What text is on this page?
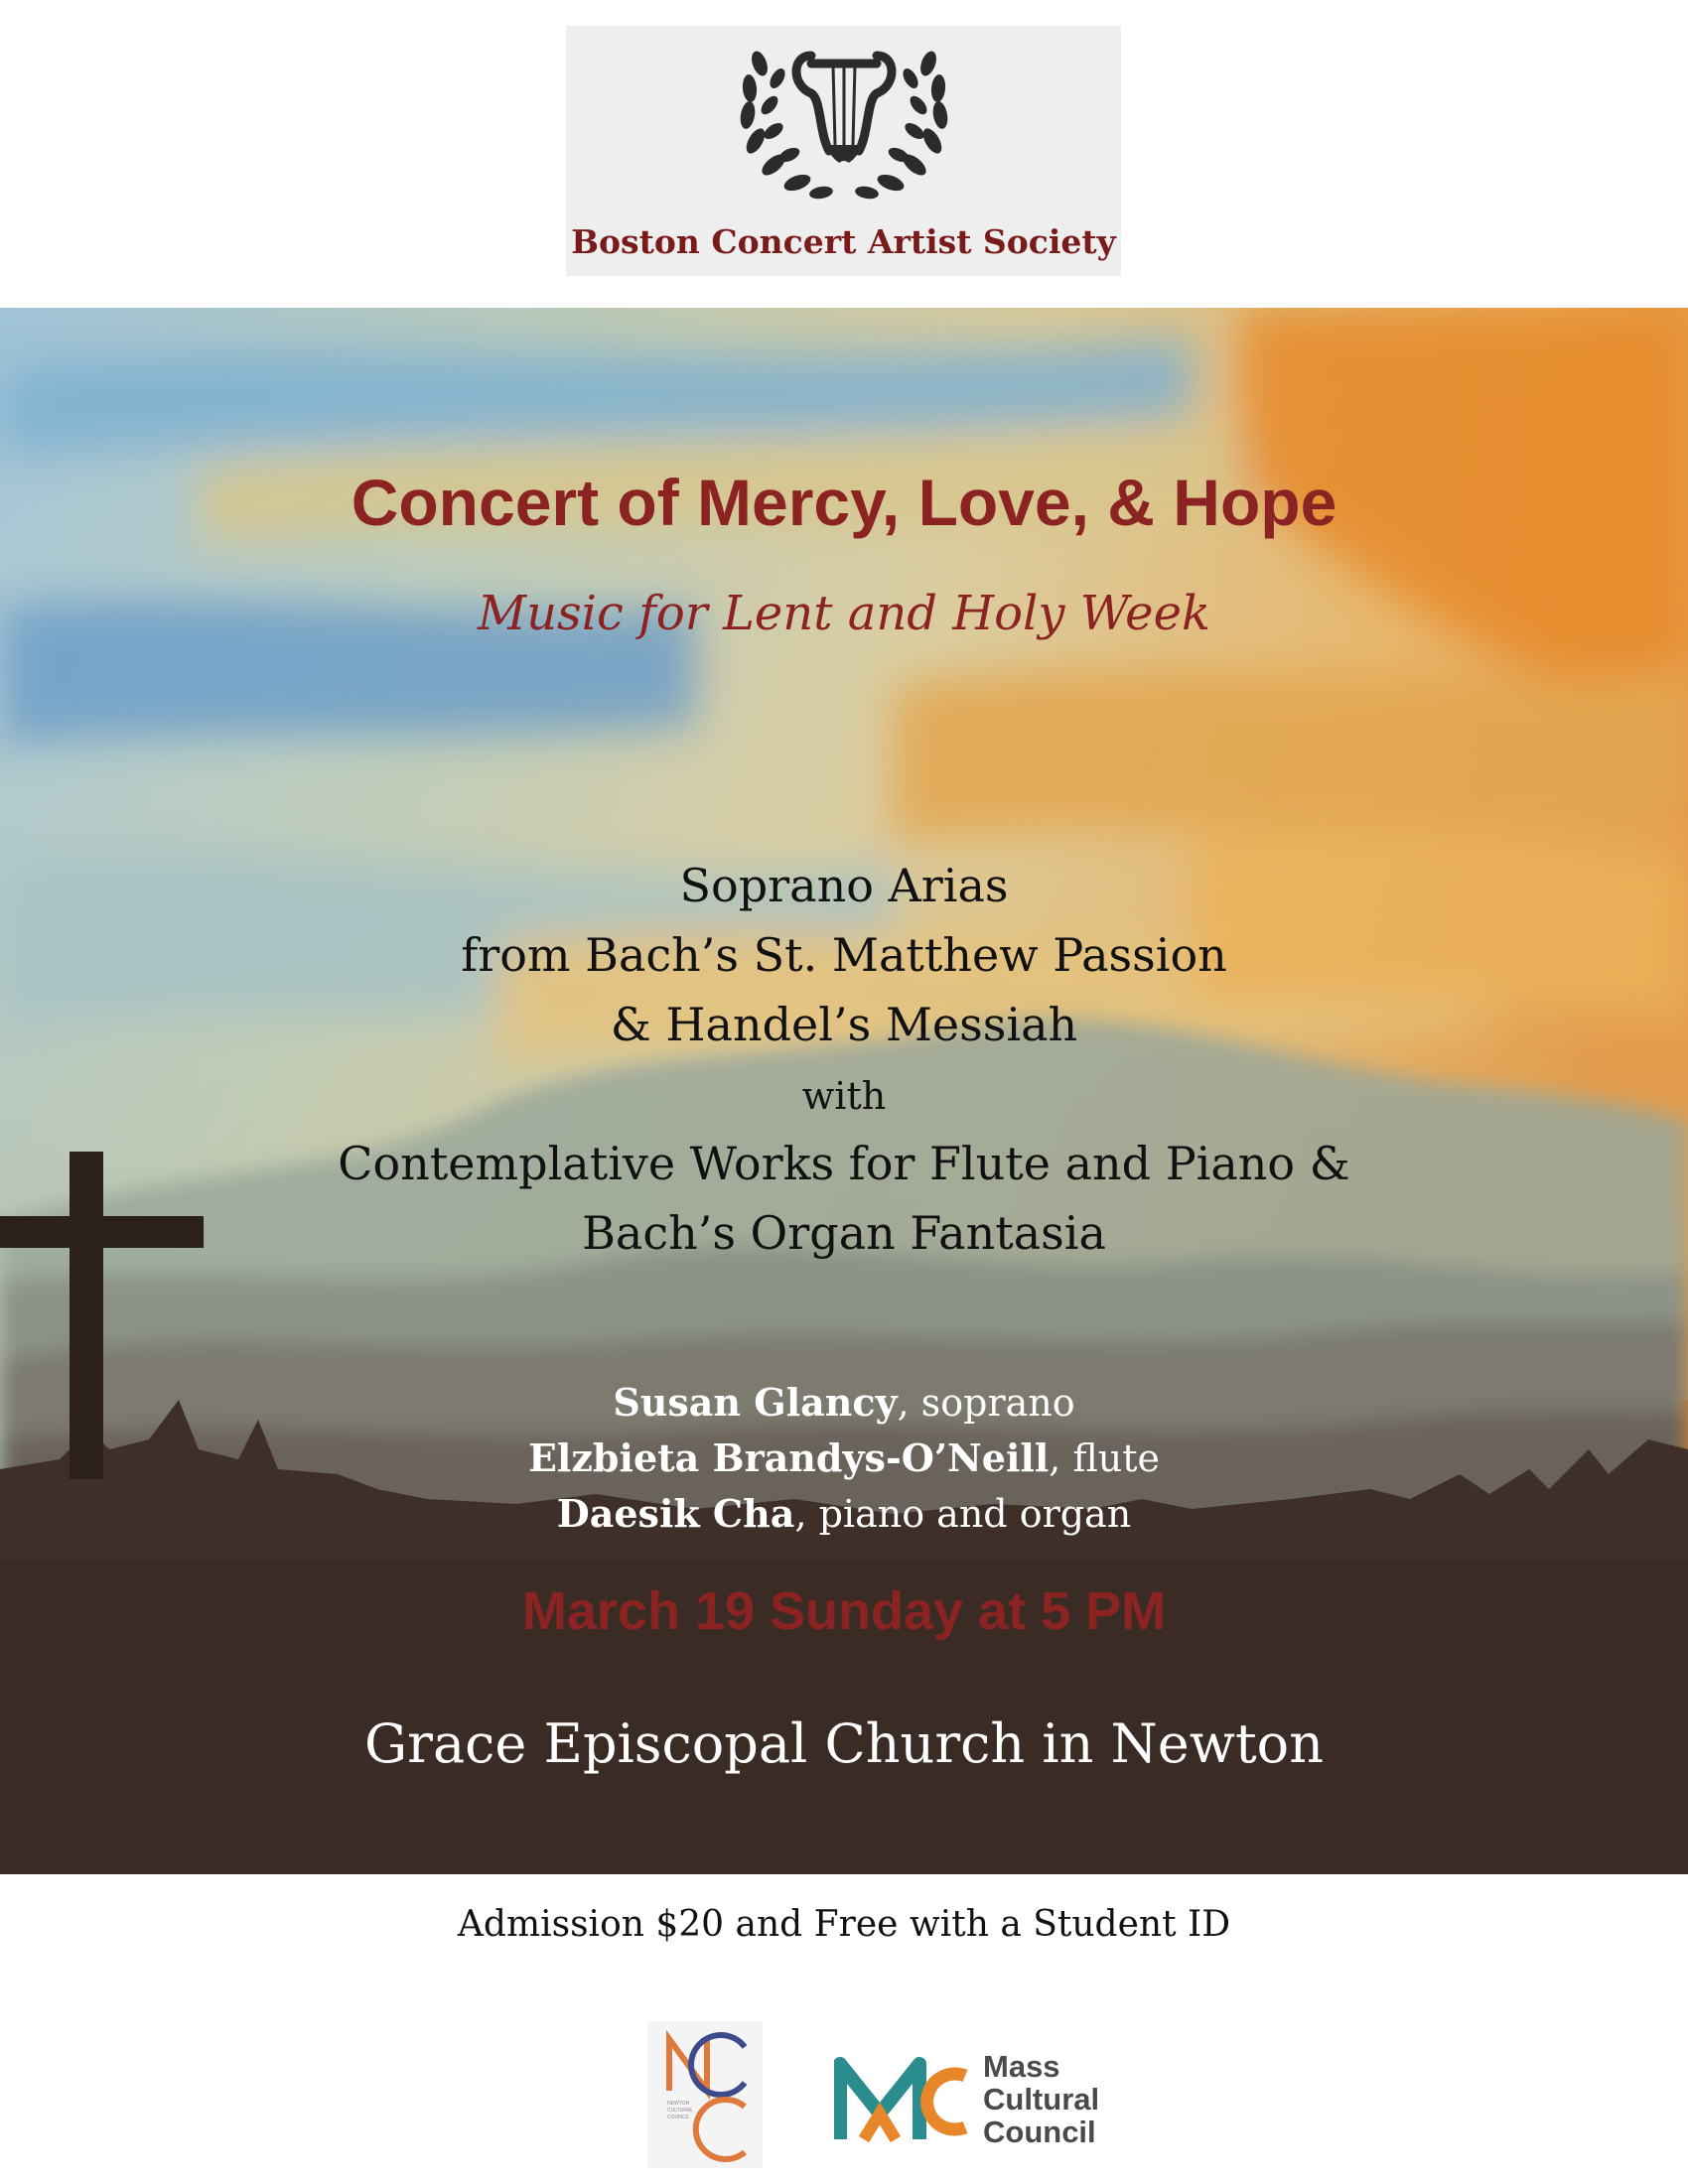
Boston Concert Artist Society
Concert of Mercy, Love, & Hope
Music for Lent and Holy Week
Soprano Arias
from Bach’s St. Matthew Passion
& Handel’s Messiah
with
Contemplative Works for Flute and Piano &
Bach’s Organ Fantasia
Susan Glancy, soprano
Elzbieta Brandys-O’Neill, flute
Daesik Cha, piano and organ
March 19 Sunday at 5 PM
Grace Episcopal Church in Newton
Admission $20 and Free with a Student ID
NEWTON
CULTURAL
COUNCIL
Mass
Cultural
Council
